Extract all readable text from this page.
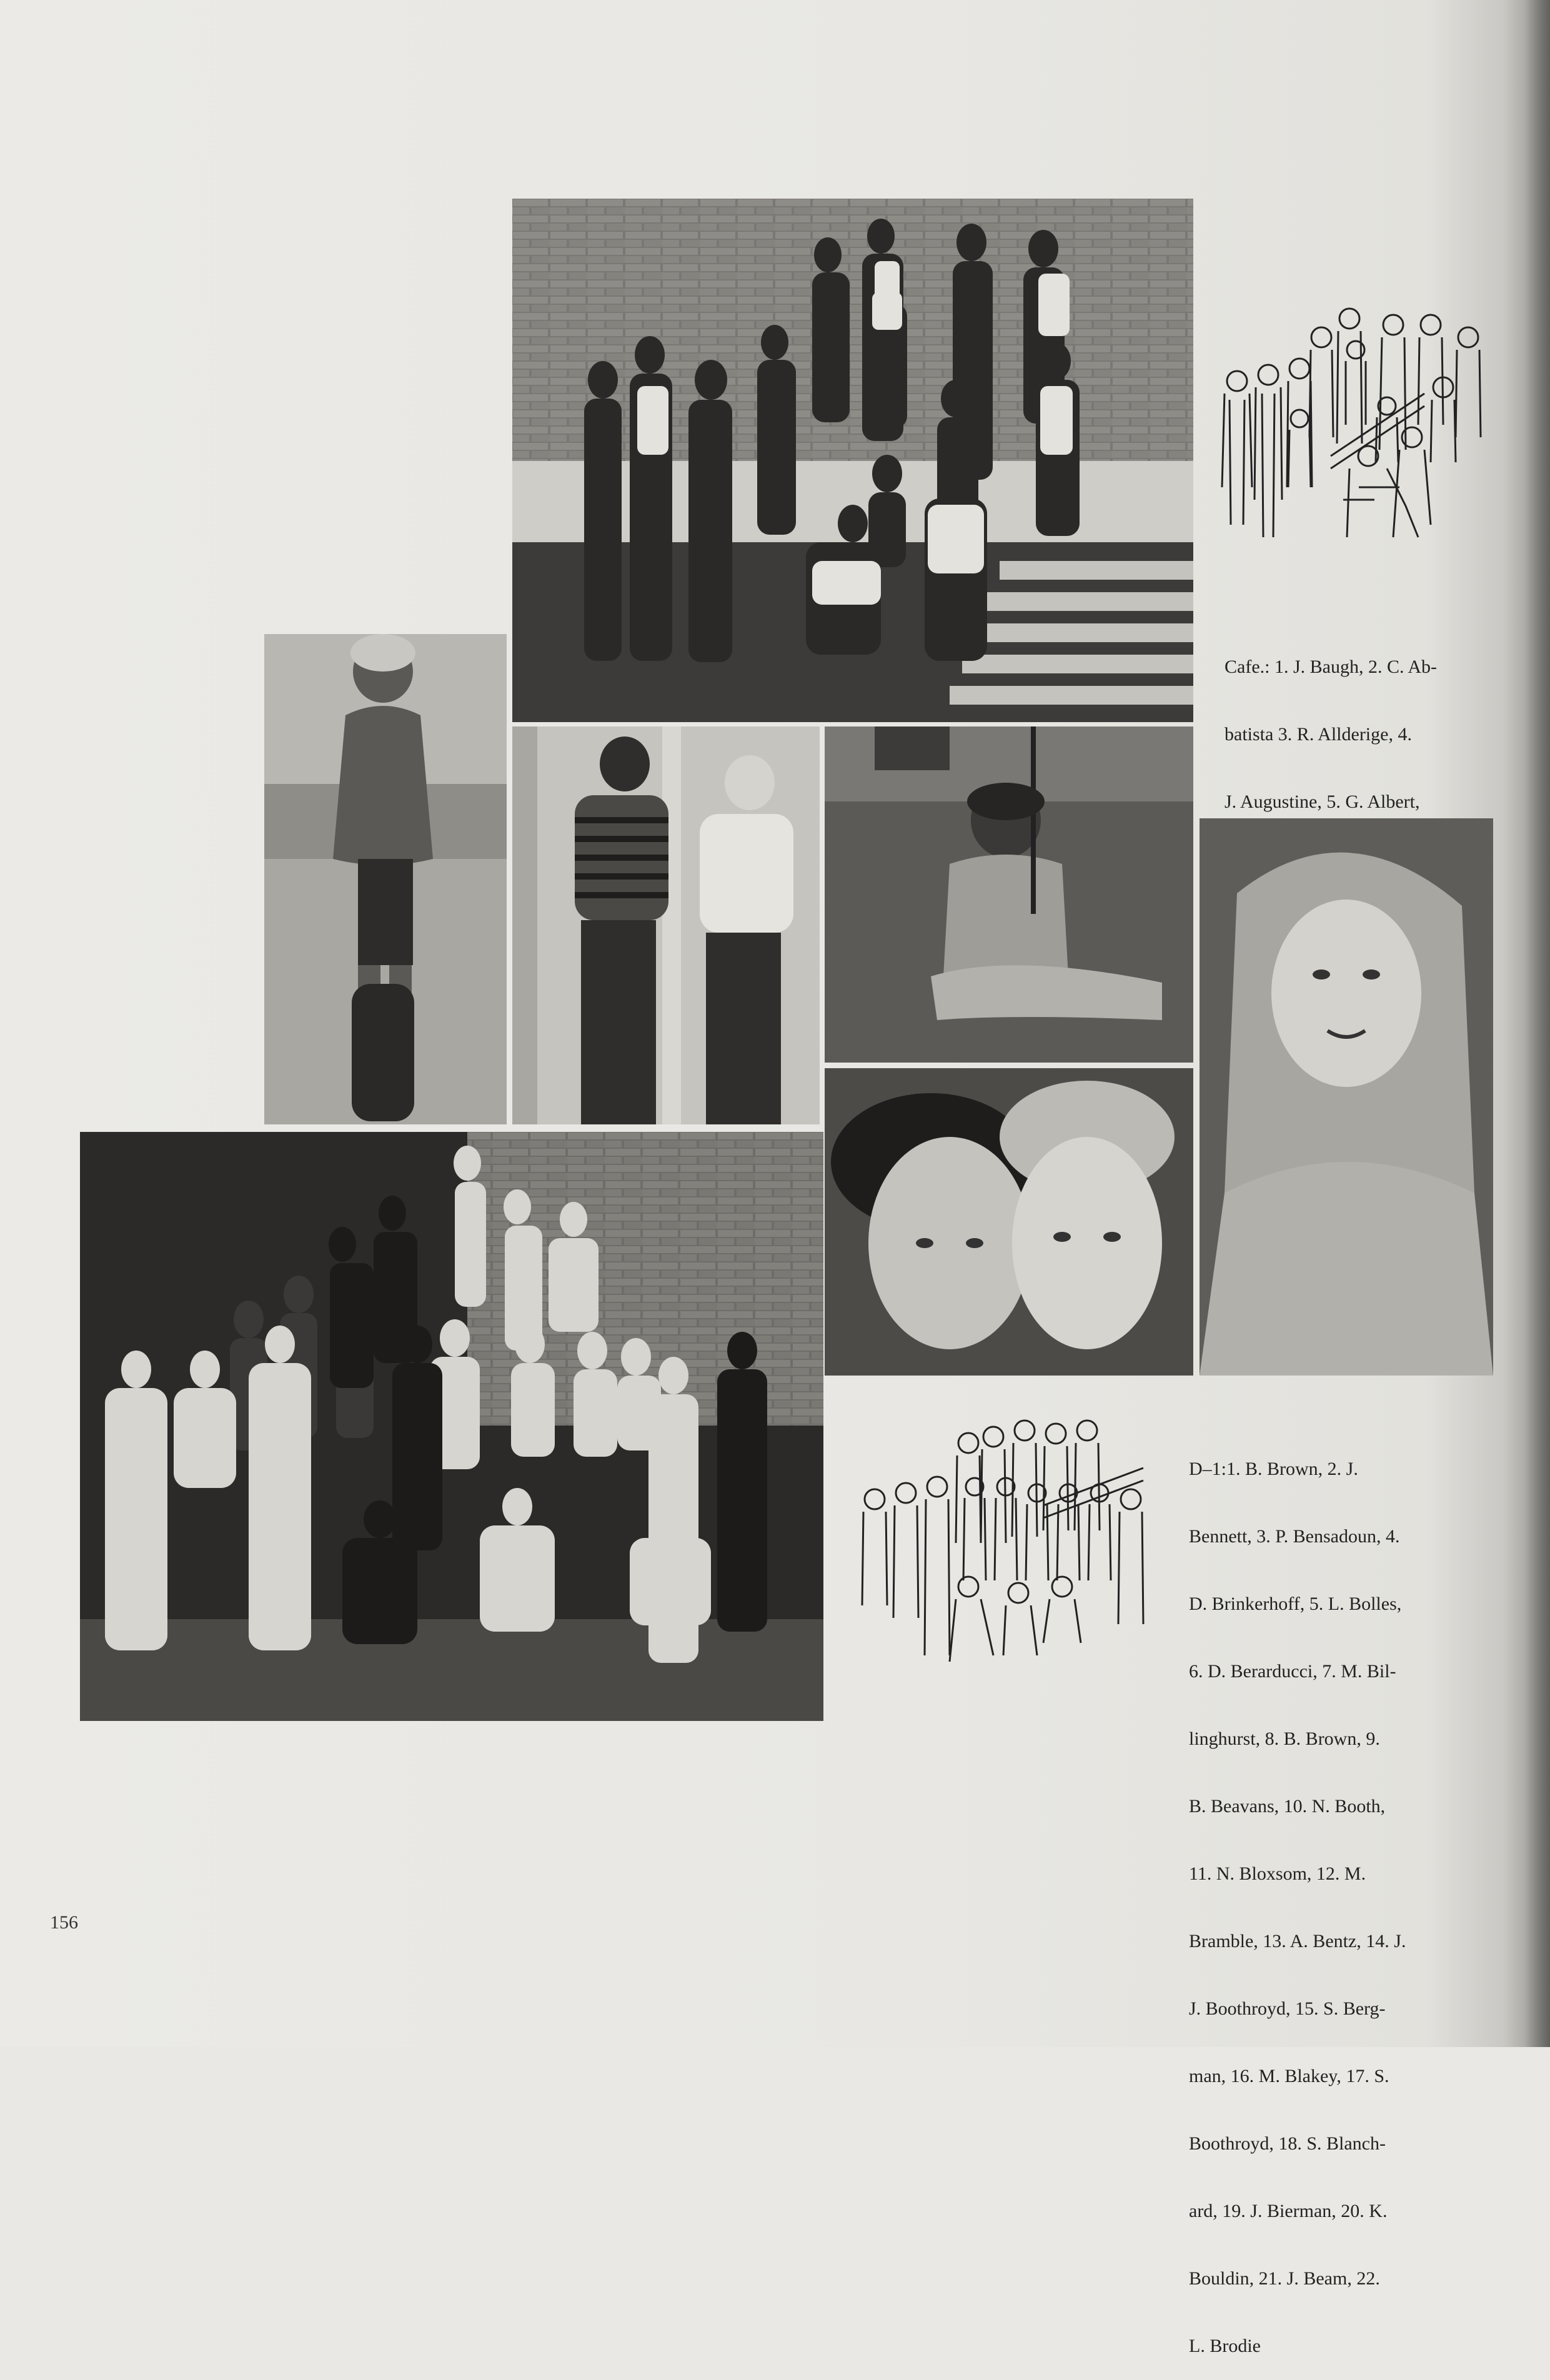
Cafe.: 1. J. Baugh, 2. C. Ab-

batista 3. R. Allderige, 4.

J. Augustine, 5. G. Albert,

D–1:1. B. Brown, 2. J.

Bennett, 3. P. Bensadoun, 4.

D. Brinkerhoff, 5. L. Bolles,

6. D. Berarducci, 7. M. Bil-

linghurst, 8. B. Brown, 9.

B. Beavans, 10. N. Booth,

11. N. Bloxsom, 12. M.

Bramble, 13. A. Bentz, 14. J.

J. Boothroyd, 15. S. Berg-

man, 16. M. Blakey, 17. S.

Boothroyd, 18. S. Blanch-

ard, 19. J. Bierman, 20. K.

Bouldin, 21. J. Beam, 22.

L. Brodie

156
